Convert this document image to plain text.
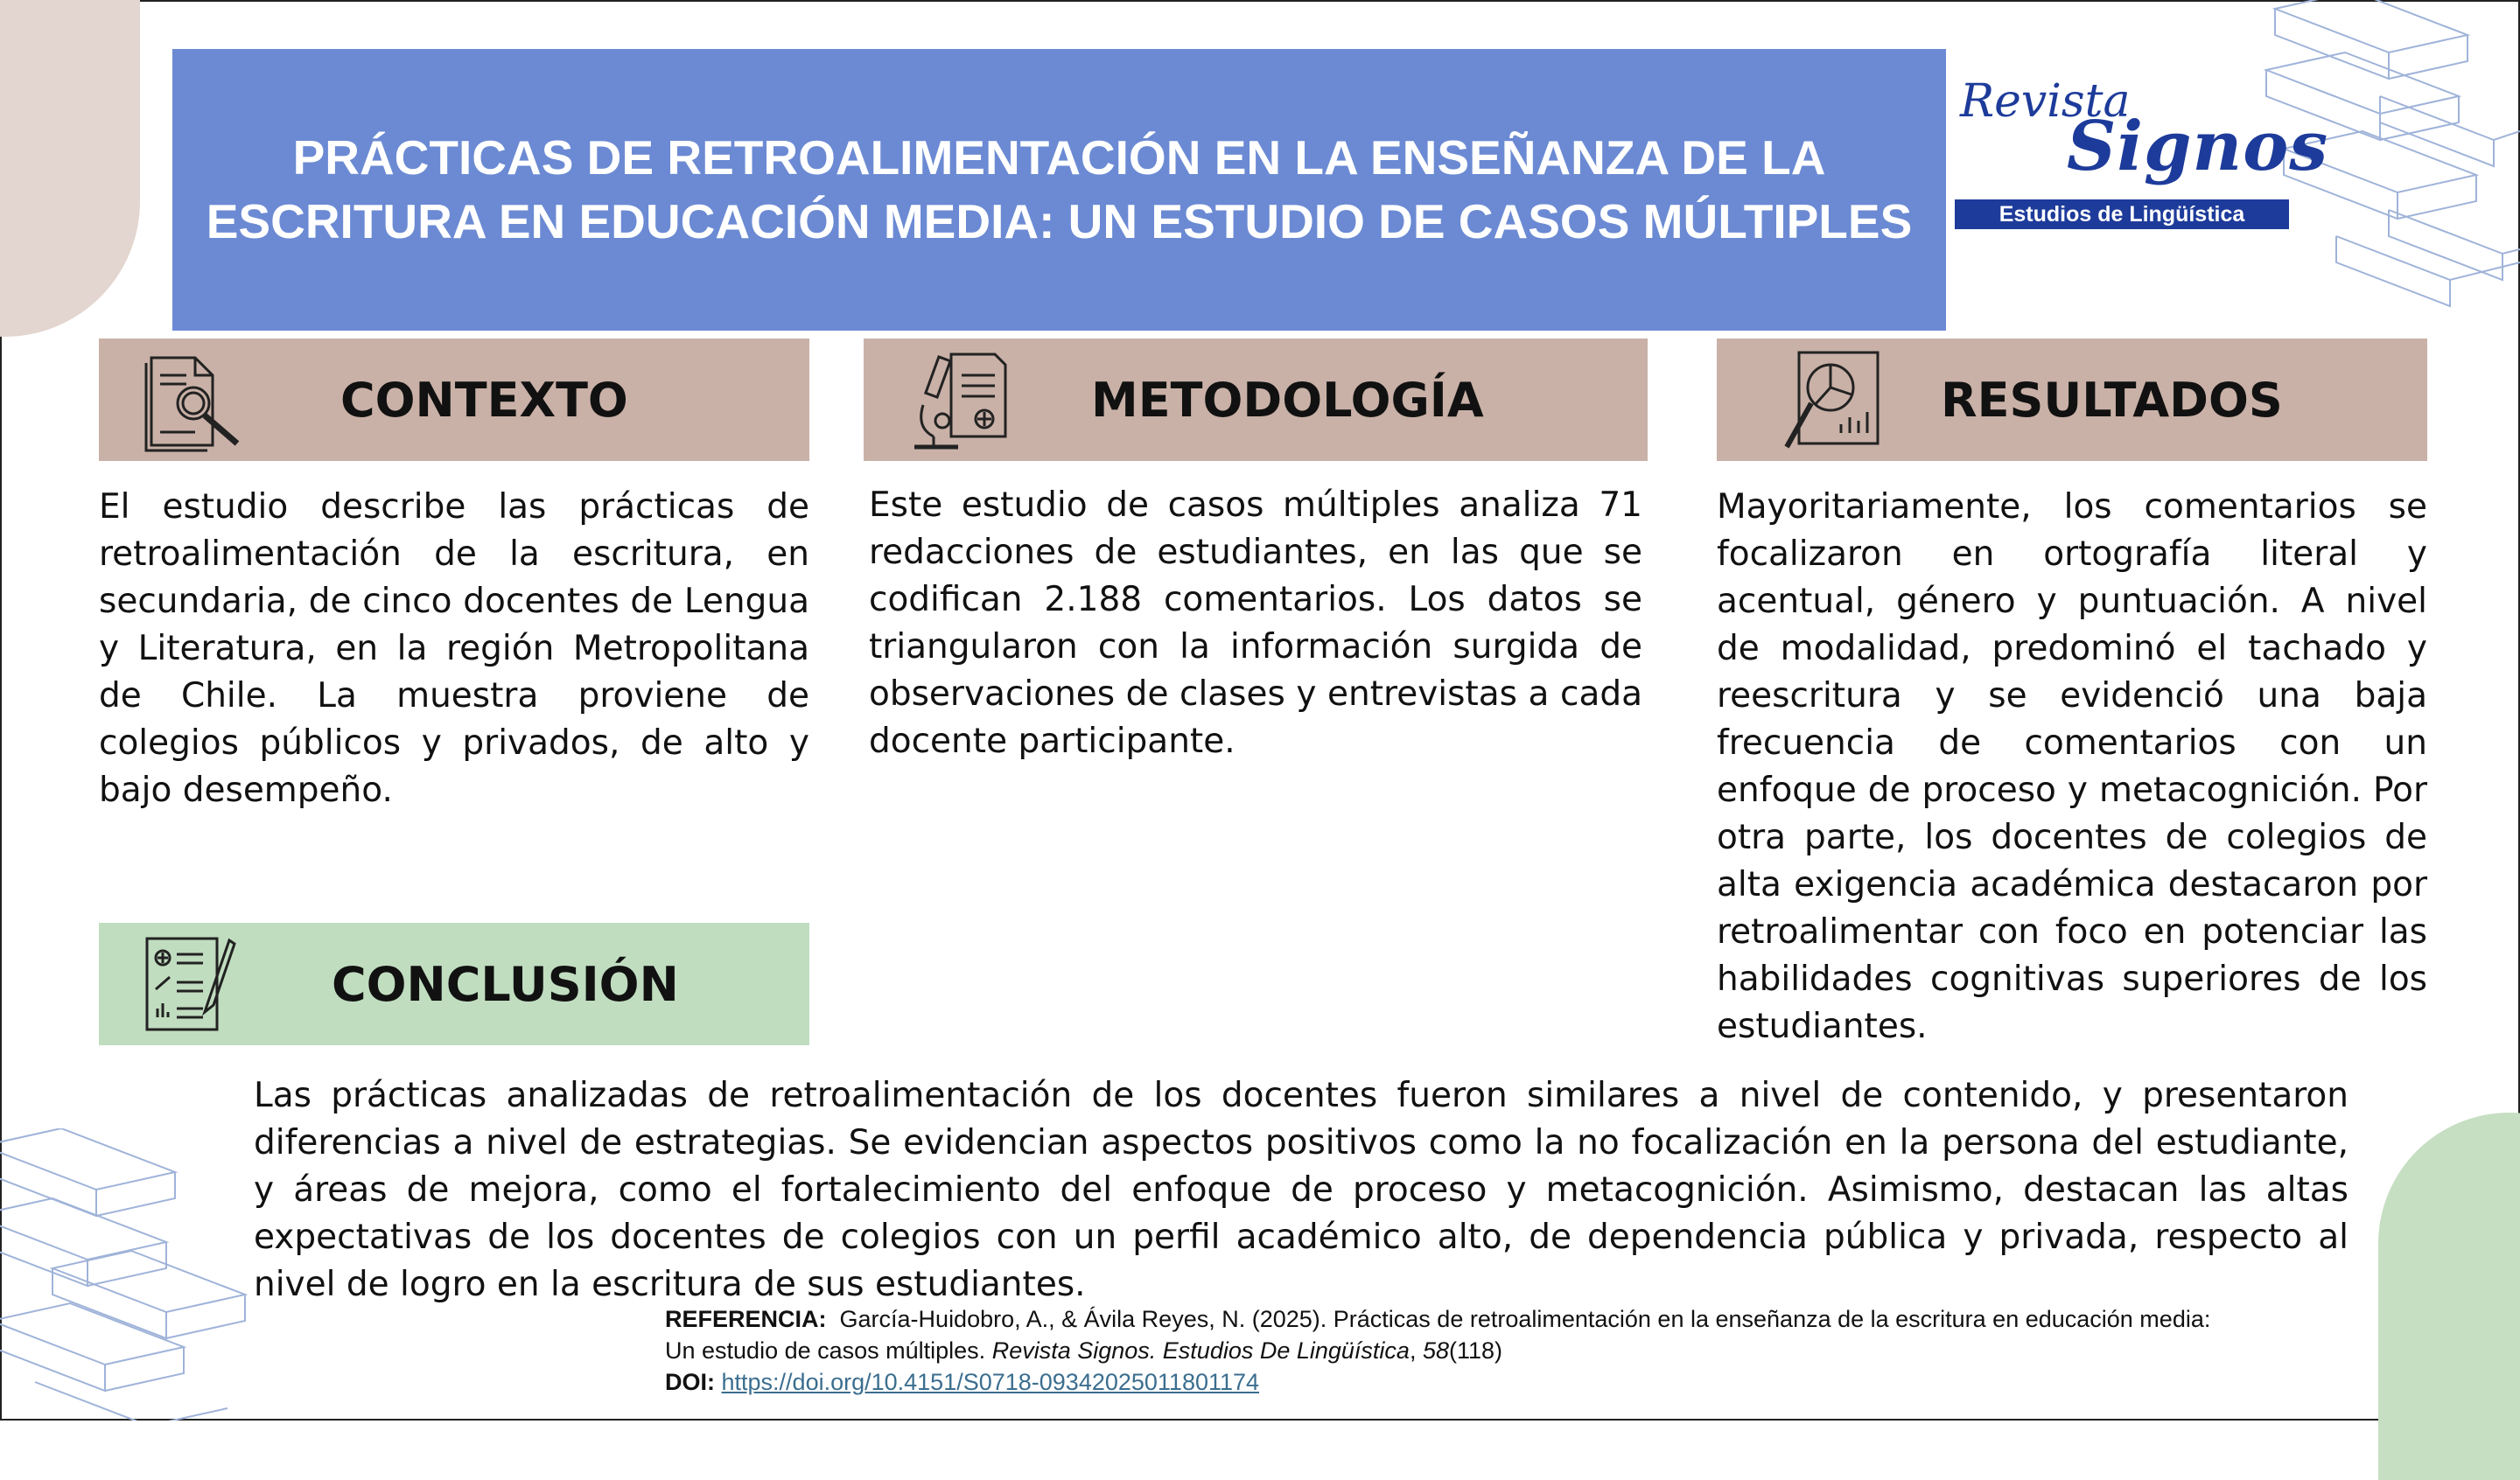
PRÁCTICAS DE RETROALIMENTACIÓN EN LA ENSEÑANZA DE LA
ESCRITURA EN EDUCACIÓN MEDIA: UN ESTUDIO DE CASOS MÚLTIPLES
Revista
Signos
Estudios de Lingüística
CONTEXTO

El estudio describe las prácticas de retroalimentación de la escritura, en secundaria, de cinco docentes de Lengua y Literatura, en la región Metropolitana de Chile. La muestra proviene de colegios públicos y privados, de alto y bajo desempeño.

METODOLOGÍA

Este estudio de casos múltiples analiza 71 redacciones de estudiantes, en las que se codifican 2.188 comentarios. Los datos se triangularon con la información surgida de observaciones de clases y entrevistas a cada docente participante.

RESULTADOS

Mayoritariamente, los comentarios se focalizaron en ortografía literal y acentual, género y puntuación. A nivel de modalidad, predominó el tachado y reescritura y se evidenció una baja frecuencia de comentarios con un enfoque de proceso y metacognición. Por otra parte, los docentes de colegios de alta exigencia académica destacaron por retroalimentar con foco en potenciar las habilidades cognitivas superiores de los estudiantes.

CONCLUSIÓN

Las prácticas analizadas de retroalimentación de los docentes fueron similares a nivel de contenido, y presentaron diferencias a nivel de estrategias. Se evidencian aspectos positivos como la no focalización en la persona del estudiante, y áreas de mejora, como el fortalecimiento del enfoque de proceso y metacognición. Asimismo, destacan las altas expectativas de los docentes de colegios con un perfil académico alto, de dependencia pública y privada, respecto al nivel de logro en la escritura de sus estudiantes.

REFERENCIA: García-Huidobro, A., & Ávila Reyes, N. (2025). Prácticas de retroalimentación en la enseñanza de la escritura en educación media:
Un estudio de casos múltiples. Revista Signos. Estudios De Lingüística, 58(118)
DOI: https://doi.org/10.4151/S0718-09342025011801174
